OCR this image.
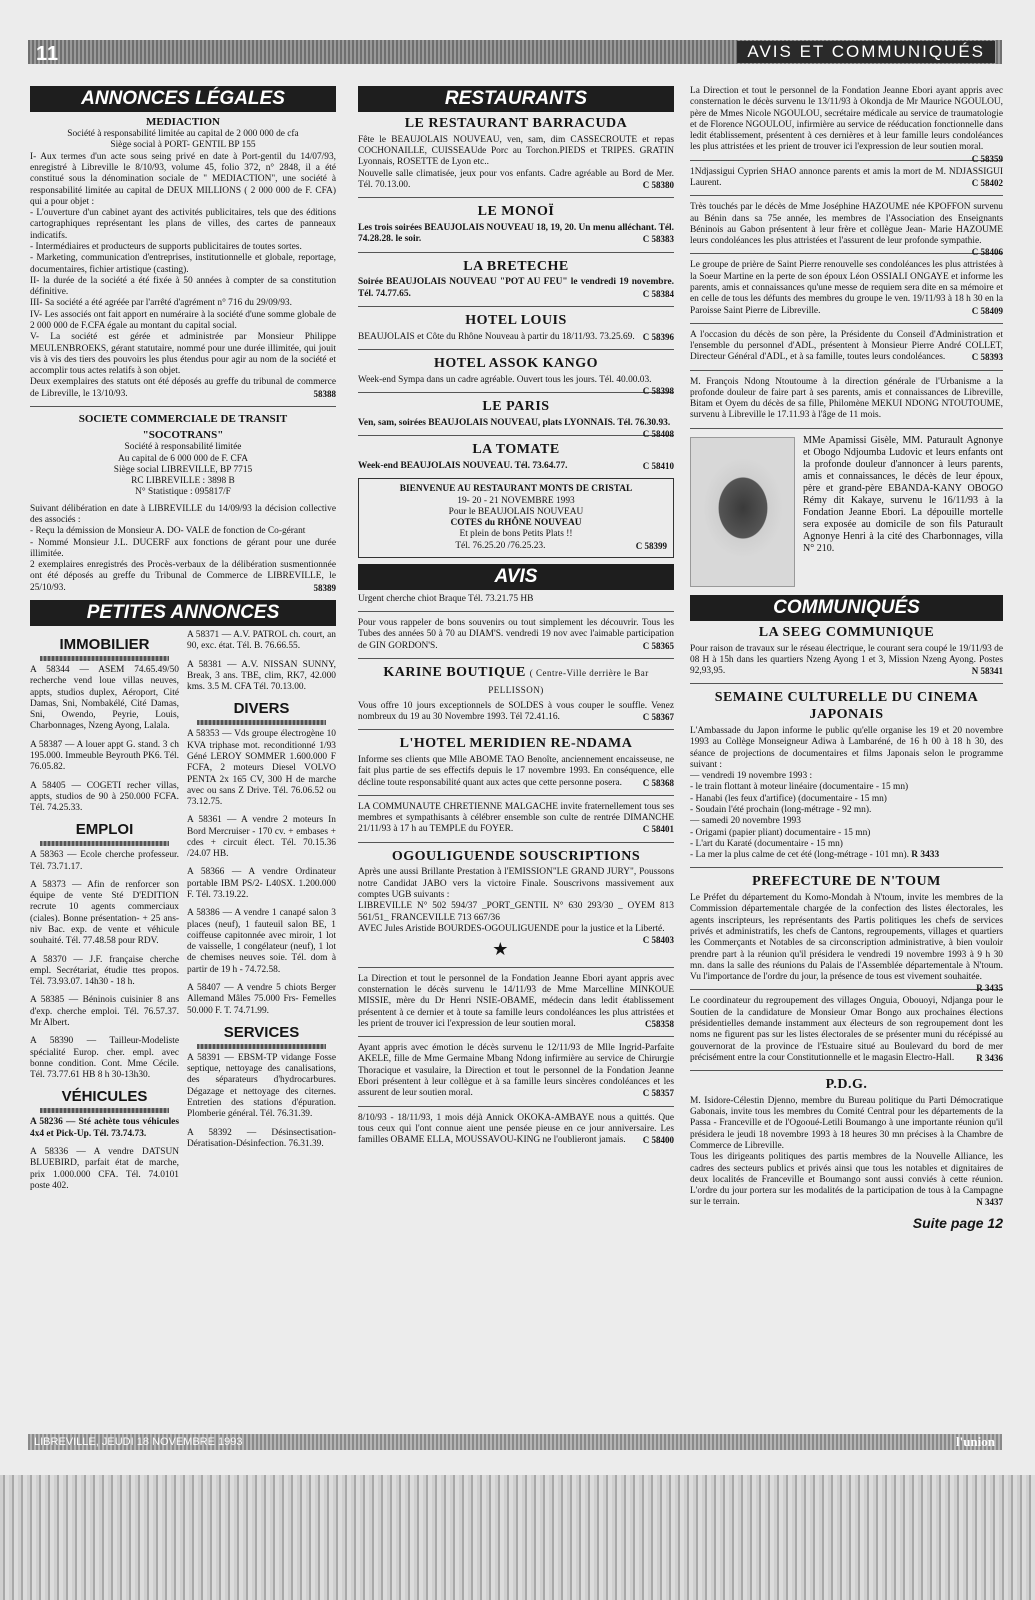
11	AVIS ET COMMUNIQUÉS
ANNONCES LÉGALES
MEDIACTION

Société à responsabilité limitée au capital de 2 000 000 de cfa

Siège social à PORT- GENTIL BP 155

I- Aux termes d'un acte sous seing privé en date à Port-gentil du 14/07/93, enregistré à Libreville le 8/10/93, volume 45, folio 372, n° 2848, il a été constitué sous la dénomination sociale de " MEDIACTION", une société à responsabilité limitée au capital de DEUX MILLIONS ( 2 000 000 de F. CFA) qui a pour objet :

- L'ouverture d'un cabinet ayant des activités publicitaires, tels que des éditions cartographiques représentant les plans de villes, des cartes de panneaux indicatifs.

- Intermédiaires et producteurs de supports publicitaires de toutes sortes.

- Marketing, communication d'entreprises, institutionnelle et globale, reportage, documentaires, fichier artistique (casting).

II- la durée de la société a été fixée à 50 années à compter de sa constitution définitive.

III- Sa société a été agréée par l'arrêté d'agrément n° 716 du 29/09/93.

IV- Les associés ont fait apport en numéraire à la société d'une somme globale de 2 000 000 de F.CFA égale au montant du capital social.

V- La société est gérée et administrée par Monsieur Philippe MEULENBROEKS, gérant statutaire, nommé pour une durée illimitée, qui jouit vis à vis des tiers des pouvoirs les plus étendus pour agir au nom de la société et accomplir tous actes relatifs à son objet.

Deux exemplaires des statuts ont été déposés au greffe du tribunal de commerce de Libreville, le 13/10/93.	58388

SOCIETE COMMERCIALE DE TRANSIT
"SOCOTRANS"

Société à responsabilité limitée

Au capital de 6 000 000 de F. CFA

Siège social LIBREVILLE, BP 7715

RC LIBREVILLE : 3898 B

N° Statistique : 095817/F

Suivant délibération en date à LIBREVILLE du 14/09/93 la décision collective des associés :

- Reçu la démission de Monsieur A. DO- VALE de fonction de Co-gérant

- Nommé Monsieur J.L. DUCERF aux fonctions de gérant pour une durée illimitée.

2 exemplaires enregistrés des Procès-verbaux de la délibération susmentionnée ont été déposés au greffe du Tribunal de Commerce de LIBREVILLE, le 25/10/93.	58389

PETITES ANNONCES
IMMOBILIER
A 58344 — ASEM 74.65.49/50 recherche vend loue villas neuves, appts, studios duplex, Aéroport, Cité Damas, Sni, Nombakélé, Cité Damas, Sni, Owendo, Peyrie, Louis, Charbonnages, Nzeng Ayong, Lalala.
A 58387 — A louer appt G. stand. 3 ch 195.000. Immeuble Beyrouth PK6. Tél. 76.05.82.
A 58405 — COGETI recher villas, appts, studios de 90 à 250.000 FCFA. Tél. 74.25.33.
EMPLOI
A 58363 — Ecole cherche professeur. Tél. 73.71.17.
A 58373 — Afin de renforcer son équipe de vente Sté D'EDITION recrute 10 agents commerciaux (ciales). Bonne présentation- + 25 ans- niv Bac. exp. de vente et véhicule souhaité. Tél. 77.48.58 pour RDV.
A 58370 — J.F. française cherche empl. Secrétariat, étudie ttes propos. Tél. 73.93.07. 14h30 - 18 h.
A 58385 — Béninois cuisinier 8 ans d'exp. cherche emploi. Tél. 76.57.37. Mr Albert.
A 58390 — Tailleur-Modeliste spécialité Europ. cher. empl. avec bonne condition. Cont. Mme Cécile. Tél. 73.77.61 HB 8 h 30-13h30.
VÉHICULES
A 58236 — Sté achète tous véhicules 4x4 et Pick-Up. Tél. 73.74.73.
A 58336 — A vendre DATSUN BLUEBIRD, parfait état de marche, prix 1.000.000 CFA. Tél. 74.0101 poste 402.
A 58371 — A.V. PATROL ch. court, an 90, exc. état. Tél. B. 76.66.55.
A 58381 — A.V. NISSAN SUNNY, Break, 3 ans. TBE, clim, RK7, 42.000 kms. 3.5 M. CFA Tél. 70.13.00.
DIVERS
A 58353 — Vds groupe électrogène 10 KVA triphase mot. reconditionné 1/93 Géné LEROY SOMMER 1.600.000 F FCFA, 2 moteurs Diesel VOLVO PENTA 2x 165 CV, 300 H de marche avec ou sans Z Drive. Tél. 76.06.52 ou 73.12.75.
A 58361 — A vendre 2 moteurs In Bord Mercruiser - 170 cv. + embases + cdes + circuit élect. Tél. 70.15.36 /24.07 HB.
A 58366 — A vendre Ordinateur portable IBM PS/2- L40SX. 1.200.000 F. Tél. 73.19.22.
A 58386 — A vendre 1 canapé salon 3 places (neuf), 1 fauteuil salon BE, 1 coiffeuse capitonnée avec miroir, 1 lot de vaisselle, 1 congélateur (neuf), 1 lot de chemises neuves soie. Tél. dom à partir de 19 h - 74.72.58.
A 58407 — A vendre 5 chiots Berger Allemand Mâles 75.000 Frs- Femelles 50.000 F. T. 74.71.99.
SERVICES
A 58391 — EBSM-TP vidange Fosse septique, nettoyage des canalisations, des séparateurs d'hydrocarbures. Dégazage et nettoyage des citernes. Entretien des stations d'épuration. Plomberie général. Tél. 76.31.39.
A 58392 — Désinsectisation-Dératisation-Désinfection. 76.31.39.
RESTAURANTS
LE RESTAURANT BARRACUDA

Fête le BEAUJOLAIS NOUVEAU, ven, sam, dim CASSECROUTE et repas COCHONAILLE, CUISSEAUde Porc au Torchon.PIEDS et TRIPES. GRATIN Lyonnais, ROSETTE de Lyon etc..

Nouvelle salle climatisée, jeux pour vos enfants. Cadre agréable au Bord de Mer. Tél. 70.13.00.	C 58380

LE MONOÏ

Les trois soirées BEAUJOLAIS NOUVEAU 18, 19, 20. Un menu alléchant. Tél. 74.28.28. le soir.	C 58383

LA BRETECHE

Soirée BEAUJOLAIS NOUVEAU "POT AU FEU" le vendredi 19 novembre. Tél. 74.77.65.	C 58384

HOTEL LOUIS

BEAUJOLAIS et Côte du Rhône Nouveau à partir du 18/11/93. 73.25.69. C 58396

HOTEL ASSOK KANGO

Week-end Sympa dans un cadre agréable. Ouvert tous les jours. Tél. 40.00.03.
C 58398

LE PARIS

Ven, sam, soirées BEAUJOLAIS NOUVEAU, plats LYONNAIS. Tél. 76.30.93.
C 58408

LA TOMATE

Week-end BEAUJOLAIS NOUVEAU. Tél. 73.64.77.	C 58410

BIENVENUE AU RESTAURANT MONTS DE CRISTAL

19- 20 - 21 NOVEMBRE 1993

Pour le BEAUJOLAIS NOUVEAU

COTES du RHÔNE NOUVEAU

Et plein de bons Petits Plats !!

Tél. 76.25.20 /76.25.23.	C 58399

AVIS

Urgent cherche chiot Braque Tél. 73.21.75 HB

Pour vous rappeler de bons souvenirs ou tout simplement les découvrir. Tous les Tubes des années 50 à 70 au DIAM'S. vendredi 19 nov avec l'aimable participation de GIN GORDON'S.	C 58365

KARINE BOUTIQUE ( Centre-Ville derrière le Bar PELLISSON)

Vous offre 10 jours exceptionnels de SOLDES à vous couper le souffle. Venez nombreux du 19 au 30 Novembre 1993. Tél 72.41.16.	C 58367

L'HOTEL MERIDIEN RE-NDAMA

Informe ses clients que Mlle ABOME TAO Benoîte, anciennement encaisseuse, ne fait plus partie de ses effectifs depuis le 17 novembre 1993. En conséquence, elle décline toute responsabilité quant aux actes que cette personne posera. C 58368

LA COMMUNAUTE CHRETIENNE MALGACHE invite fraternellement tous ses membres et sympathisants à célébrer ensemble son culte de rentrée DIMANCHE 21/11/93 à 17 h au TEMPLE du FOYER.	C 58401

OGOULIGUENDE SOUSCRIPTIONS

Après une aussi Brillante Prestation à l'EMISSION"LE GRAND JURY", Poussons notre Candidat JABO vers la victoire Finale. Souscrivons massivement aux comptes UGB suivants :

LIBREVILLE N° 502 594/37 _PORT_GENTIL N° 630 293/30 _ OYEM 813 561/51_ FRANCEVILLE 713 667/36

AVEC Jules Aristide BOURDES-OGOULIGUENDE pour la justice et la Liberté.
C 58403

★

La Direction et tout le personnel de la Fondation Jeanne Ebori ayant appris avec consternation le décès survenu le 14/11/93 de Mme Marcelline MINKOUE MISSIE, mère du Dr Henri NSIE-OBAME, médecin dans ledit établissement présentent à ce dernier et à toute sa famille leurs condoléances les plus attristées et les prient de trouver ici l'expression de leur soutien moral.	C58358

Ayant appris avec émotion le décès survenu le 12/11/93 de Mlle Ingrid-Parfaite AKELE, fille de Mme Germaine Mbang Ndong infirmière au service de Chirurgie Thoracique et vasulaire, la Direction et tout le personnel de la Fondation Jeanne Ebori présentent à leur collègue et à sa famille leurs sincères condoléances et les assurent de leur soutien moral.	C 58357

8/10/93 - 18/11/93, 1 mois déjà Annick OKOKA-AMBAYE nous a quittés. Que tous ceux qui l'ont connue aient une pensée pieuse en ce jour anniversaire. Les familles OBAME ELLA, MOUSSAVOU-KING ne l'oublieront jamais. C 58400

La Direction et tout le personnel de la Fondation Jeanne Ebori ayant appris avec consternation le décès survenu le 13/11/93 à Okondja de Mr Maurice NGOULOU, père de Mmes Nicole NGOULOU, secrétaire médicale au service de traumatologie et de Florence NGOULOU, infirmière au service de rééducation fonctionnelle dans ledit établissement, présentent à ces dernières et à leur famille leurs condoléances les plus attristées et les prient de trouver ici l'expression de leur soutien moral.
C 58359

1Ndjassigui Cyprien SHAO annonce parents et amis la mort de M. NDJASSIGUI Laurent.	C 58402

Très touchés par le décès de Mme Joséphine HAZOUME née KPOFFON survenu au Bénin dans sa 75e année, les membres de l'Association des Enseignants Béninois au Gabon présentent à leur frère et collègue Jean- Marie HAZOUME leurs condoléances les plus attristées et l'assurent de leur profonde sympathie.
C 58406

Le groupe de prière de Saint Pierre renouvelle ses condoléances les plus attristées à la Soeur Martine en la perte de son époux Léon OSSIALI ONGAYE et informe les parents, amis et connaissances qu'une messe de requiem sera dite en sa mémoire et en celle de tous les défunts des membres du groupe le ven. 19/11/93 à 18 h 30 en la Paroisse Saint Pierre de Libreville.	C 58409

A l'occasion du décès de son père, la Présidente du Conseil d'Administration et l'ensemble du personnel d'ADL, présentent à Monsieur Pierre André COLLET, Directeur Général d'ADL, et à sa famille, toutes leurs condoléances.	C 58393

M. François Ndong Ntoutoume à la direction générale de l'Urbanisme a la profonde douleur de faire part à ses parents, amis et connaissances de Libreville, Bitam et Oyem du décès de sa fille, Philomène MEKUI NDONG NTOUTOUME, survenu à Libreville le 17.11.93 à l'âge de 11 mois.

MMe Apamissi Gisèle, MM. Paturault Agnonye et Obogo Ndjoumba Ludovic et leurs enfants ont la profonde douleur d'annoncer à leurs parents, amis et connaissances, le décès de leur époux, père et grand-père EBANDA-KANY OBOGO Rémy dit Kakaye, survenu le 16/11/93 à la Fondation Jeanne Ebori. La dépouille mortelle sera exposée au domicile de son fils Paturault Agnonye Henri à la cité des Charbonnages, villa N° 210.

COMMUNIQUÉS
LA SEEG COMMUNIQUE

Pour raison de travaux sur le réseau électrique, le courant sera coupé le 19/11/93 de 08 H à 15h dans les quartiers Nzeng Ayong 1 et 3, Mission Nzeng Ayong. Postes 92,93,95.	N 58341

SEMAINE CULTURELLE DU CINEMA JAPONAIS

L'Ambassade du Japon informe le public qu'elle organise les 19 et 20 novembre 1993 au Collège Monseigneur Adiwa à Lambaréné, de 16 h 00 à 18 h 30, des séance de projections de documentaires et films Japonais selon le programme suivant :

— vendredi 19 novembre 1993 :

- le train flottant à moteur linéaire (documentaire - 15 mn)

- Hanabi (les feux d'artifice) (documentaire - 15 mn)

- Soudain l'été prochain (long-métrage - 92 mn).

— samedi 20 novembre 1993

- Origami (papier pliant) documentaire - 15 mn)

- L'art du Karaté (documentaire - 15 mn)

- La mer la plus calme de cet été (long-métrage - 101 mn). R 3433

PREFECTURE DE N'TOUM

Le Préfet du département du Komo-Mondah à N'toum, invite les membres de la Commission départementale chargée de la confection des listes électorales, les agents inscripteurs, les représentants des Partis politiques les chefs de services privés et administratifs, les chefs de Cantons, regroupements, villages et quartiers les Commerçants et Notables de sa circonscription administrative, à bien vouloir prendre part à la réunion qu'il présidera le vendredi 19 novembre 1993 à 9 h 30 mn. dans la salle des réunions du Palais de l'Assemblée départementale à N'toum. Vu l'importance de l'ordre du jour, la présence de tous est vivement souhaitée.
R 3435

Le coordinateur du regroupement des villages Onguia, Obouoyi, Ndjanga pour le Soutien de la candidature de Monsieur Omar Bongo aux prochaines élections présidentielles demande instamment aux électeurs de son regroupement dont les noms ne figurent pas sur les listes électorales de se présenter muni du récépissé au gouvernorat de la province de l'Estuaire situé au Boulevard du bord de mer précisément entre la cour Constitutionnelle et le magasin Electro-Hall. R 3436

P.D.G.

M. Isidore-Célestin Djenno, membre du Bureau politique du Parti Démocratique Gabonais, invite tous les membres du Comité Central pour les départements de la Passa - Franceville et de l'Ogooué-Letili Boumango à une importante réunion qu'il présidera le jeudi 18 novembre 1993 à 18 heures 30 mn précises à la Chambre de Commerce de Libreville.

Tous les dirigeants politiques des partis membres de la Nouvelle Alliance, les cadres des secteurs publics et privés ainsi que tous les notables et dignitaires de deux localités de Franceville et Boumango sont aussi conviés à cette réunion. L'ordre du jour portera sur les modalités de la participation de tous à la Campagne sur le terrain.	N 3437

Suite page 12
LIBREVILLE, JEUDI 18 NOVEMBRE 1993	l'union
